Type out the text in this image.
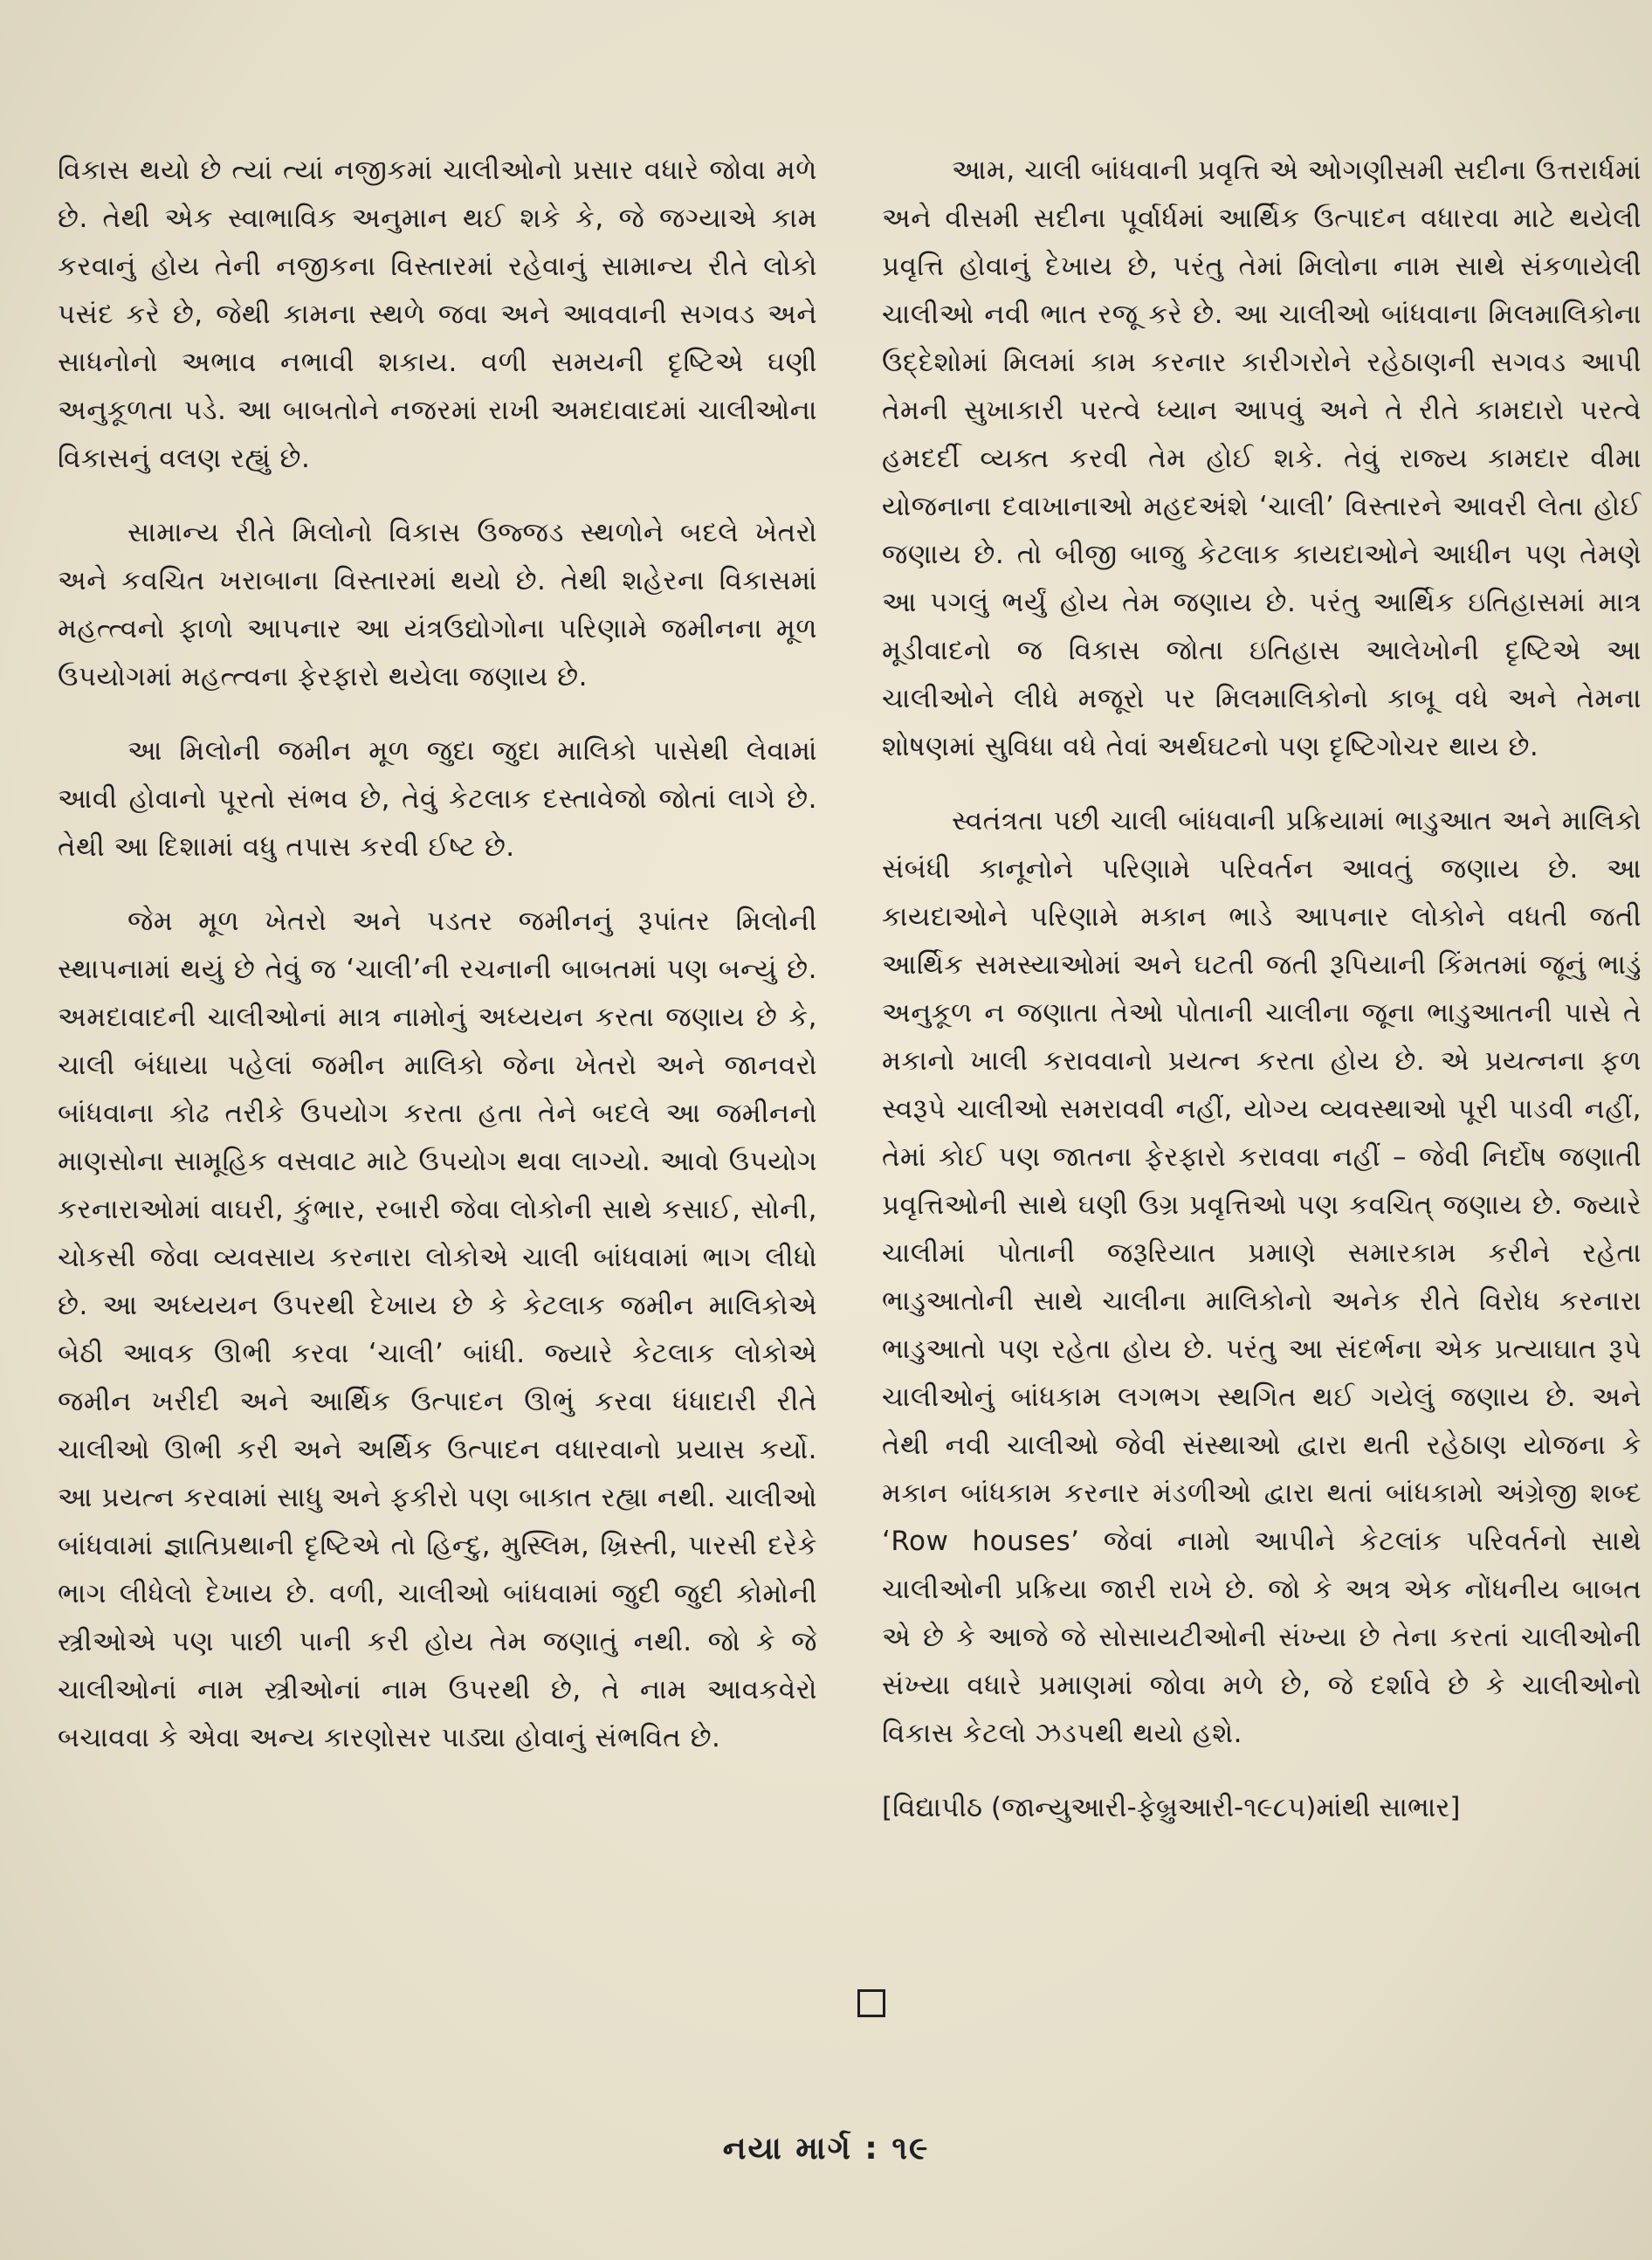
વિકાસ થયો છે ત્યાં ત્યાં નજીકમાં ચાલીઓનો પ્રસાર વધારે જોવા મળે છે. તેથી એક સ્વાભાવિક અનુમાન થઈ શકે કે, જે જગ્યાએ કામ કરવાનું હોય તેની નજીકના વિસ્તારમાં રહેવાનું સામાન્ય રીતે લોકો પસંદ કરે છે, જેથી કામના સ્થળે જવા અને આવવાની સગવડ અને સાધનોનો અભાવ નભાવી શકાય. વળી સમયની દૃષ્ટિએ ઘણી અનુકૂળતા પડે. આ બાબતોને નજરમાં રાખી અમદાવાદમાં ચાલીઓના વિકાસનું વલણ રહ્યું છે.

સામાન્ય રીતે મિલોનો વિકાસ ઉજ્જડ સ્થળોને બદલે ખેતરો અને કવચિત ખરાબાના વિસ્તારમાં થયો છે. તેથી શહેરના વિકાસમાં મહત્ત્વનો ફાળો આપનાર આ યંત્રઉદ્યોગોના પરિણામે જમીનના મૂળ ઉપયોગમાં મહત્ત્વના ફેરફારો થયેલા જણાય છે.

આ મિલોની જમીન મૂળ જુદા જુદા માલિકો પાસેથી લેવામાં આવી હોવાનો પૂરતો સંભવ છે, તેવું કેટલાક દસ્તાવેજો જોતાં લાગે છે. તેથી આ દિશામાં વધુ તપાસ કરવી ઈષ્ટ છે.

જેમ મૂળ ખેતરો અને પડતર જમીનનું રૂપાંતર મિલોની સ્થાપનામાં થયું છે તેવું જ ‘ચાલી’ની રચનાની બાબતમાં પણ બન્યું છે. અમદાવાદની ચાલીઓનાં માત્ર નામોનું અધ્યયન કરતા જણાય છે કે, ચાલી બંધાયા પહેલાં જમીન માલિકો જેના ખેતરો અને જાનવરો બાંધવાના કોઢ તરીકે ઉપયોગ કરતા હતા તેને બદલે આ જમીનનો માણસોના સામૂહિક વસવાટ માટે ઉપયોગ થવા લાગ્યો. આવો ઉપયોગ કરનારાઓમાં વાઘરી, કુંભાર, રબારી જેવા લોકોની સાથે કસાઈ, સોની, ચોકસી જેવા વ્યવસાય કરનારા લોકોએ ચાલી બાંધવામાં ભાગ લીધો છે. આ અધ્યયન ઉપરથી દેખાય છે કે કેટલાક જમીન માલિકોએ બેઠી આવક ઊભી કરવા ‘ચાલી’ બાંધી. જ્યારે કેટલાક લોકોએ જમીન ખરીદી અને આર્થિક ઉત્પાદન ઊભું કરવા ધંધાદારી રીતે ચાલીઓ ઊભી કરી અને અર્થિક ઉત્પાદન વધારવાનો પ્રયાસ કર્યો. આ પ્રયત્ન કરવામાં સાધુ અને ફકીરો પણ બાકાત રહ્યા નથી. ચાલીઓ બાંધવામાં જ્ઞાતિપ્રથાની દૃષ્ટિએ તો હિન્દુ, મુસ્લિમ, ખ્રિસ્તી, પારસી દરેકે ભાગ લીધેલો દેખાય છે. વળી, ચાલીઓ બાંધવામાં જુદી જુદી કોમોની સ્ત્રીઓએ પણ પાછી પાની કરી હોય તેમ જણાતું નથી. જો કે જે ચાલીઓનાં નામ સ્ત્રીઓનાં નામ ઉપરથી છે, તે નામ આવકવેરો બચાવવા કે એવા અન્ય કારણોસર પાડ્યા હોવાનું સંભવિત છે.

આમ, ચાલી બાંધવાની પ્રવૃત્તિ એ ઓગણીસમી સદીના ઉત્તરાર્ધમાં અને વીસમી સદીના પૂર્વાર્ધમાં આર્થિક ઉત્પાદન વધારવા માટે થયેલી પ્રવૃત્તિ હોવાનું દેખાય છે, પરંતુ તેમાં મિલોના નામ સાથે સંકળાયેલી ચાલીઓ નવી ભાત રજૂ કરે છે. આ ચાલીઓ બાંધવાના મિલમાલિકોના ઉદ્દેશોમાં મિલમાં કામ કરનાર કારીગરોને રહેઠાણની સગવડ આપી તેમની સુખાકારી પરત્વે ધ્યાન આપવું અને તે રીતે કામદારો પરત્વે હમદર્દી વ્યક્ત કરવી તેમ હોઈ શકે. તેવું રાજ્ય કામદાર વીમા યોજનાના દવાખાનાઓ મહદઅંશે ‘ચાલી’ વિસ્તારને આવરી લેતા હોઈ જણાય છે. તો બીજી બાજુ કેટલાક કાયદાઓને આધીન પણ તેમણે આ પગલું ભર્યું હોય તેમ જણાય છે. પરંતુ આર્થિક ઇતિહાસમાં માત્ર મૂડીવાદનો જ વિકાસ જોતા ઇતિહાસ આલેખોની દૃષ્ટિએ આ ચાલીઓને લીધે મજૂરો પર મિલમાલિકોનો કાબૂ વધે અને તેમના શોષણમાં સુવિધા વધે તેવાં અર્થઘટનો પણ દૃષ્ટિગોચર થાય છે.

સ્વતંત્રતા પછી ચાલી બાંધવાની પ્રક્રિયામાં ભાડુઆત અને માલિકો સંબંધી કાનૂનોને પરિણામે પરિવર્તન આવતું જણાય છે. આ કાયદાઓને પરિણામે મકાન ભાડે આપનાર લોકોને વધતી જતી આર્થિક સમસ્યાઓમાં અને ઘટતી જતી રૂપિયાની કિંમતમાં જૂનું ભાડું અનુકૂળ ન જણાતા તેઓ પોતાની ચાલીના જૂના ભાડુઆતની પાસે તે મકાનો ખાલી કરાવવાનો પ્રયત્ન કરતા હોય છે. એ પ્રયત્નના ફળ સ્વરૂપે ચાલીઓ સમરાવવી નહીં, યોગ્ય વ્યવસ્થાઓ પૂરી પાડવી નહીં, તેમાં કોઈ પણ જાતના ફેરફારો કરાવવા નહીં – જેવી નિર્દોષ જણાતી પ્રવૃત્તિઓની સાથે ઘણી ઉગ્ર પ્રવૃત્તિઓ પણ કવચિત્ જણાય છે. જ્યારે ચાલીમાં પોતાની જરૂરિયાત પ્રમાણે સમારકામ કરીને રહેતા ભાડુઆતોની સાથે ચાલીના માલિકોનો અનેક રીતે વિરોધ કરનારા ભાડુઆતો પણ રહેતા હોય છે. પરંતુ આ સંદર્ભના એક પ્રત્યાઘાત રૂપે ચાલીઓનું બાંધકામ લગભગ સ્થગિત થઈ ગયેલું જણાય છે. અને તેથી નવી ચાલીઓ જેવી સંસ્થાઓ દ્વારા થતી રહેઠાણ યોજના કે મકાન બાંધકામ કરનાર મંડળીઓ દ્વારા થતાં બાંધકામો અંગ્રેજી શબ્દ ‘Row houses’ જેવાં નામો આપીને કેટલાંક પરિવર્તનો સાથે ચાલીઓની પ્રક્રિયા જારી રાખે છે. જો કે અત્ર એક નોંધનીય બાબત એ છે કે આજે જે સોસાયટીઓની સંખ્યા છે તેના કરતાં ચાલીઓની સંખ્યા વધારે પ્રમાણમાં જોવા મળે છે, જે દર્શાવે છે કે ચાલીઓનો વિકાસ કેટલો ઝડપથી થયો હશે.

[વિદ્યાપીઠ (જાન્યુઆરી-ફેબ્રુઆરી-૧૯૮૫)માંથી સાભાર]
નયા માર્ગ : ૧૯
